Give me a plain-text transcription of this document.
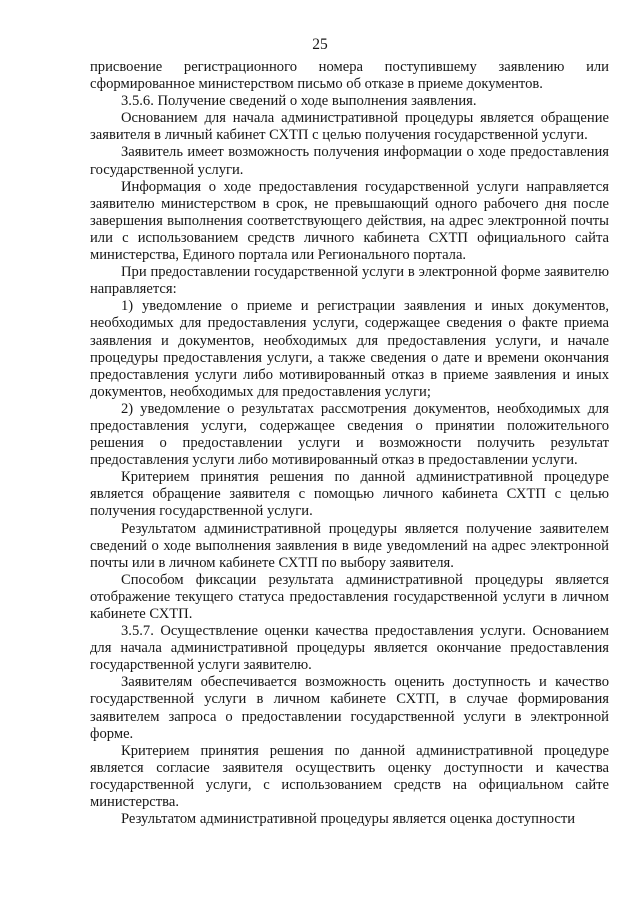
25

присвоение регистрационного номера поступившему заявлению или сформированное министерством письмо об отказе в приеме документов.

3.5.6. Получение сведений о ходе выполнения заявления.

Основанием для начала административной процедуры является обращение заявителя в личный кабинет СХТП с целью получения государственной услуги.

Заявитель имеет возможность получения информации о ходе предоставления государственной услуги.

Информация о ходе предоставления государственной услуги направляется заявителю министерством в срок, не превышающий одного рабочего дня после завершения выполнения соответствующего действия, на адрес электронной почты или с использованием средств личного кабинета СХТП официального сайта министерства, Единого портала или Регионального портала.

При предоставлении государственной услуги в электронной форме заявителю направляется:

1) уведомление о приеме и регистрации заявления и иных документов, необходимых для предоставления услуги, содержащее сведения о факте приема заявления и документов, необходимых для предоставления услуги, и начале процедуры предоставления услуги, а также сведения о дате и времени окончания предоставления услуги либо мотивированный отказ в приеме заявления и иных документов, необходимых для предоставления услуги;

2) уведомление о результатах рассмотрения документов, необходимых для предоставления услуги, содержащее сведения о принятии положительного решения о предоставлении услуги и возможности получить результат предоставления услуги либо мотивированный отказ в предоставлении услуги.

Критерием принятия решения по данной административной процедуре является обращение заявителя с помощью личного кабинета СХТП с целью получения государственной услуги.

Результатом административной процедуры является получение заявителем сведений о ходе выполнения заявления в виде уведомлений на адрес электронной почты или в личном кабинете СХТП по выбору заявителя.

Способом фиксации результата административной процедуры является отображение текущего статуса предоставления государственной услуги в личном кабинете СХТП.

3.5.7. Осуществление оценки качества предоставления услуги. Основанием для начала административной процедуры является окончание предоставления государственной услуги заявителю.

Заявителям обеспечивается возможность оценить доступность и качество государственной услуги в личном кабинете СХТП, в случае формирования заявителем запроса о предоставлении государственной услуги в электронной форме.

Критерием принятия решения по данной административной процедуре является согласие заявителя осуществить оценку доступности и качества государственной услуги, с использованием средств на официальном сайте министерства.

Результатом административной процедуры является оценка доступности
